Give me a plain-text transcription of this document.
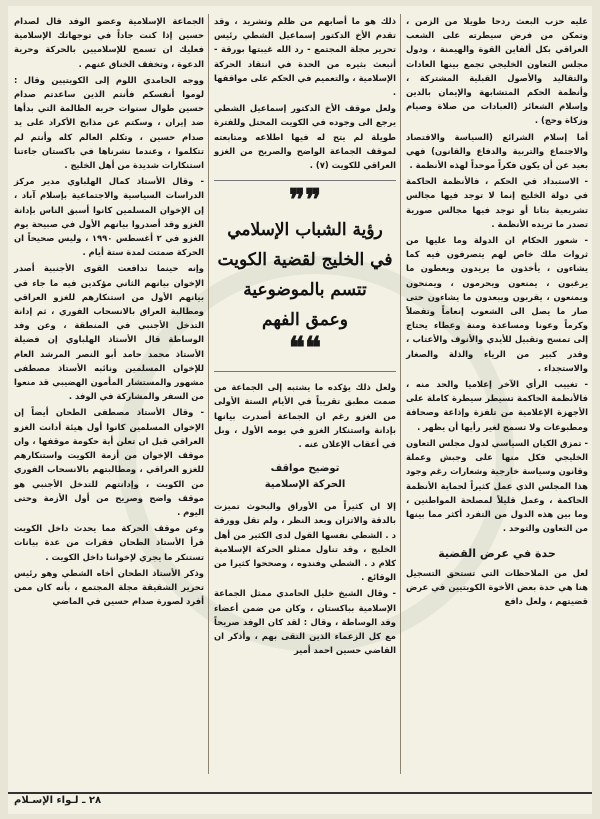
عليه حزب البعث ردحا طويلا من الزمن ، وتمكن من فرض سيطرته على الشعب العراقي بكل ألفاين القوة والهيمنة ، ودول مجلس التعاون الخليجي تجمع بينها العادات والتقاليد والأصول القبلية المشتركة ، وأنظمة الحكم المتشابهة والإيمان بالدين وإسلام الشعائر (العبادات من صلاة وصيام وزكاة وحج) .

أما إسلام الشرائع (السياسة والاقتصاد والاجتماع والتربية والدفاع والقانون) فهي بعيد عن أن يكون فكراً موحداً لهذه الأنظمة .

- الاستبداد في الحكم ، فالأنظمة الحاكمة في دولة الخليج إنما لا توجد فيها مجالس تشريعية بتاتا أو توجد فيها مجالس صورية تصدر ما تريده الأنظمة .

- شعور الحكام ان الدولة وما عليها من ثروات ملك خاص لهم يتصرفون فيه كما يشاءون ، يأخذون ما يريدون ويعطون ما يرغبون ، يمنعون ويحرمون ، ويمنحون ويمنعون ، يقربون ويبعدون ما يشاءون حتى صار ما يصل الى الشعوب إنعاماً وتفضلاً وكرماً وعونا ومساعدة ومنة وعطاء يحتاج إلى تمسح وتقبيل للأيدي والأنوف والأعتاب ، وقدر كبير من الرياء والذلة والصغار والاستجداء .

- تغييب الرأي الآخر إعلاميا والحد منه ، فالأنظمة الحاكمة تسيطر سيطرة كاملة على الأجهزة الإعلامية من تلفزة وإذاعة وصحافة ومطبوعات ولا تسمح لغير رأيها أن يظهر .

- تمزق الكيان السياسي لدول مجلس التعاون الخليجي فكل منها على وجبش وعملة وقانون وسياسة خارجية وشعارات رغم وجود هذا المجلس الذي عمل كثيراً لحماية الأنظمة الحاكمة ، وعمل قليلاً لمصلحة المواطنين ، وما بين هذه الدول من التفرد أكثر مما بينها من التعاون والتوحد .

حدة في عرض القضية

لعل من الملاحظات التي تستحق التسجيل هنا هي حدة بعض الأخوة الكويتيين في عرض قضيتهم ، ولعل دافع

ذلك هو ما أصابهم من ظلم وتشريد ، وقد تقدم الأخ الدكتور إسماعيل الشطي رئيس تحرير مجلة المجتمع - رد الله غيبتها بورقة - أنبعث بثيره من الحدة في انتقاد الحركة الإسلامية ، والتعميم في الحكم على مواقفها .

ولعل موقف الأخ الدكتور إسماعيل الشطي يرجع الى وجوده في الكويت المحتل وللفترة طويلة لم يتح له فيها اطلاعه ومتابعته لموقف الجماعة الواضح والصريح من الغزو العراقي للكويت (٧) .

❞❞
رؤية الشباب الإسلامي
في الخليج لقضية الكويت
تتسم بالموضوعية
وعمق الفهم
❝❝

ولعل ذلك يؤكده ما يشتبه إلى الجماعة من صمت مطبق تقريباً في الأيام الستة الأولى من الغزو رغم ان الجماعة أصدرت بيانها بإدانة واستنكار الغزو في يومه الأول ، وبل في أعقاب الإعلان عنه .

توضيح مواقف
الحركة الإسلامية

إلا ان كثيراً من الأوراق والبحوث تميزت بالدقة والاتزان وبعد النظر ، ولم تقل وورقة د . الشطي نفسها القول لدى الكثير من أهل الخليج ، وقد تناول ممثلو الحركة الإسلامية كلام د . الشطي وفندوه ، وصححوا كثيرا من الوقائع .

- وقال الشيخ خليل الحامدي ممثل الجماعة الإسلامية بباكستان ، وكان من ضمن أعضاء وفد الوساطة ، وقال : لقد كان الوفد صريحاً مع كل الزعماء الذين التقى بهم ، وأذكر ان القاضي حسين احمد أمير

الجماعة الإسلامية وعضو الوفد قال لصدام حسين إذا كنت جاداً في توجهاتك الإسلامية فعليك ان تسمح للإسلاميين بالحركة وحرية الدعوة ، وتخفف الخناق عنهم .

ووجه الحامدي اللوم إلى الكويتيين وقال : لوموا أنفسكم فأنتم الذين ساعدتم صدام حسين طوال سنوات حربه الظالمة التي بدأها ضد إيران ، وسكتم عن مذابح الأكراد على يد صدام حسين ، وتكلم العالم كله وأنتم لم تتكلموا ، وعندما نشرناها في باكستان جاءتنا استنكارات شديدة من أهل الخليج .

- وقال الأستاذ كمال الهلباوي مدير مركز الدراسات السياسية والاجتماعية بإسلام آباد ، إن الإخوان المسلمين كانوا أسبق الناس بإدانة الغزو وقد أصدروا بيانهم الأول في صبيحة يوم الغزو في ٢ أغسطس ١٩٩٠ ، وليس صحيحاً ان الحركة صمتت لمدة ستة أيام .

وإنه حينما تدافعت القوى الأجنبية أصدر الإخوان بيانهم الثاني مؤكدين فيه ما جاء في بيانهم الأول من استنكارهم للغزو العراقي ومطالبة العراق بالانسحاب الفوري ، ثم إدانة التدخل الأجنبي في المنطقة ، وعن وفد الوساطة قال الأستاذ الهلباوي إن فضيلة الأستاذ محمد حامد أبو النصر المرشد العام للإخوان المسلمين ونائبه الأستاذ مصطفى مشهور والمستشار المأمون الهضيبي قد منعوا من السفر والمشاركة في الوفد .

- وقال الأستاذ مصطفى الطحان أيضاً إن الإخوان المسلمين كانوا أول هيئة أدانت الغزو العراقي قبل ان تعلن أية حكومة موقفها ، وان موقف الإخوان من أزمة الكويت واستنكارهم للغزو العراقي ، ومطالبتهم بالانسحاب الفوري من الكويت ، وإدانتهم للتدخل الأجنبي هو موقف واضح وصريح من أول الأزمة وحتى اليوم .

وعن موقف الحركة مما يحدث داخل الكويت قرأ الأستاذ الطحان فقرات من عدة بيانات تستنكر ما يجري لإخواننا داخل الكويت .

وذكر الأستاذ الطحان أخاه الشطي وهو رئيس تحرير الشقيقة مجلة المجتمع ، بأنه كان ممن أفرد لصورة صدام حسين في الماضي

٢٨ ـ لـواء الإسـلام
